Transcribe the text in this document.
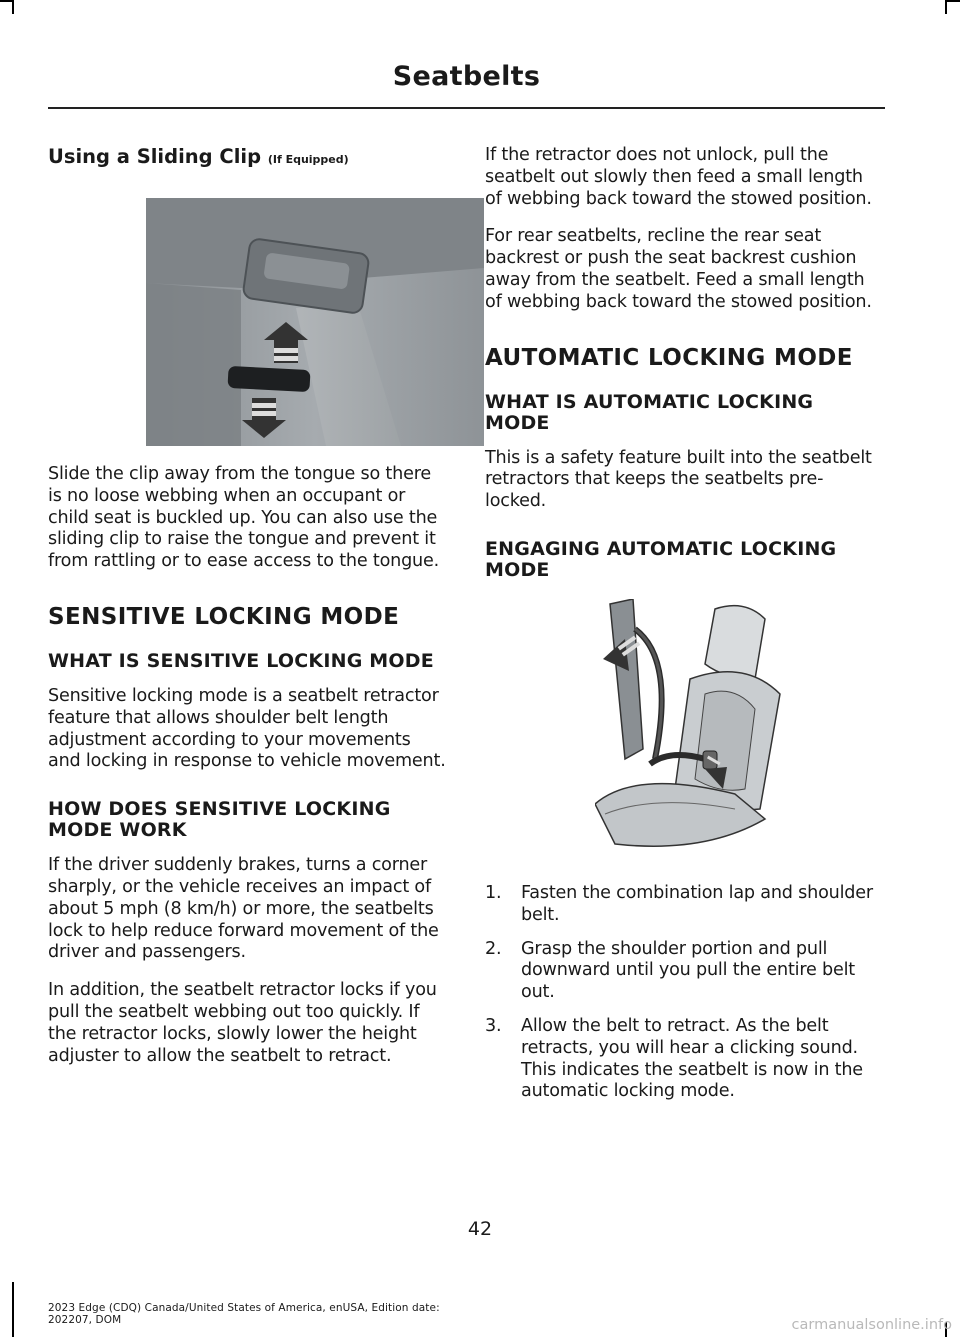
Seatbelts
Using a Sliding Clip (If Equipped)

Slide the clip away from the tongue so there is no loose webbing when an occupant or child seat is buckled up. You can also use the sliding clip to raise the tongue and prevent it from rattling or to ease access to the tongue.

SENSITIVE LOCKING MODE
WHAT IS SENSITIVE LOCKING MODE

Sensitive locking mode is a seatbelt retractor feature that allows shoulder belt length adjustment according to your movements and locking in response to vehicle movement.

HOW DOES SENSITIVE LOCKING MODE WORK

If the driver suddenly brakes, turns a corner sharply, or the vehicle receives an impact of about 5 mph (8 km/h) or more, the seatbelts lock to help reduce forward movement of the driver and passengers.

In addition, the seatbelt retractor locks if you pull the seatbelt webbing out too quickly. If the retractor locks, slowly lower the height adjuster to allow the seatbelt to retract.

If the retractor does not unlock, pull the seatbelt out slowly then feed a small length of webbing back toward the stowed position.

For rear seatbelts, recline the rear seat backrest or push the seat backrest cushion away from the seatbelt. Feed a small length of webbing back toward the stowed position.

AUTOMATIC LOCKING MODE
WHAT IS AUTOMATIC LOCKING MODE

This is a safety feature built into the seatbelt retractors that keeps the seatbelts pre-locked.

ENGAGING AUTOMATIC LOCKING MODE
1. Fasten the combination lap and shoulder belt.
2. Grasp the shoulder portion and pull downward until you pull the entire belt out.
3. Allow the belt to retract. As the belt retracts, you will hear a clicking sound. This indicates the seatbelt is now in the automatic locking mode.
42
2023 Edge (CDQ) Canada/United States of America, enUSA, Edition date: 202207, DOM	carmanualsonline.info
